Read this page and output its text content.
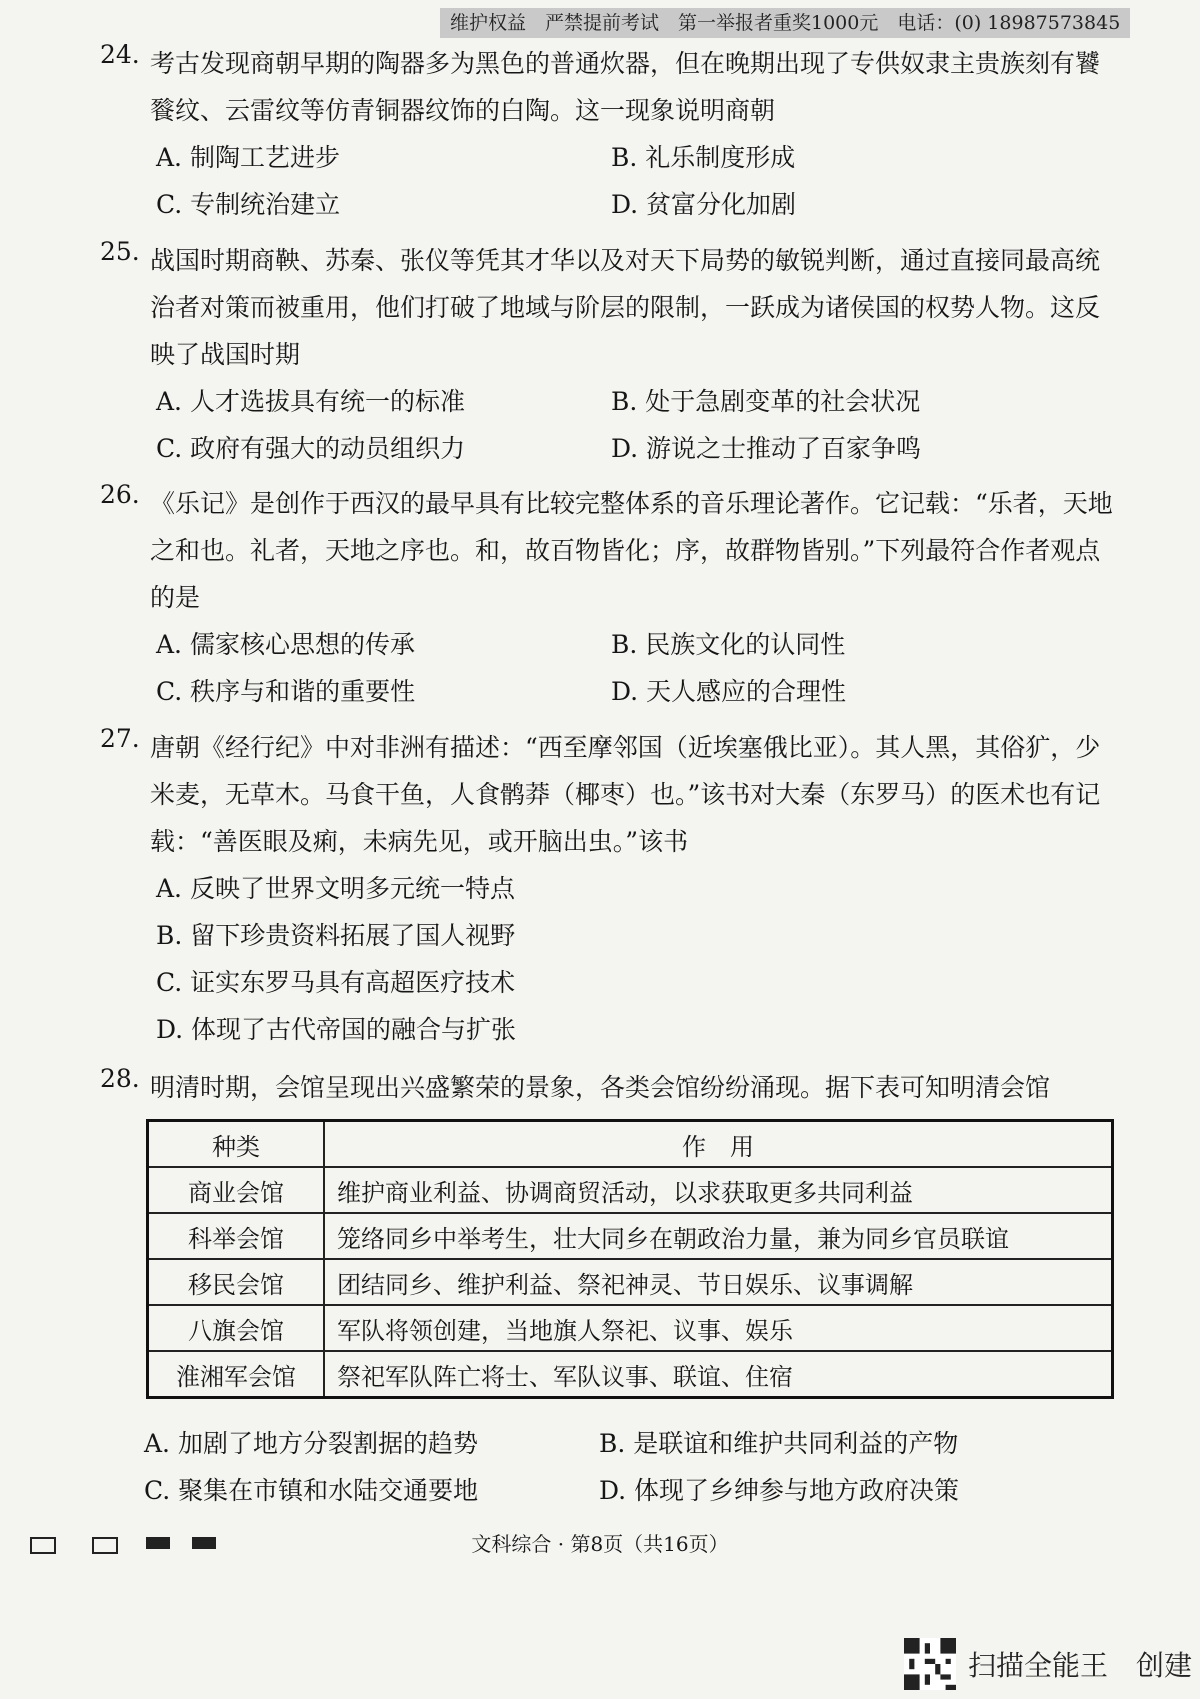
维护权益　严禁提前考试　第一举报者重奖1000元　电话：(0) 18987573845
24. 考古发现商朝早期的陶器多为黑色的普通炊器，但在晚期出现了专供奴隶主贵族刻有饕餮纹、云雷纹等仿青铜器纹饰的白陶。这一现象说明商朝
A. 制陶工艺进步	B. 礼乐制度形成
C. 专制统治建立	D. 贫富分化加剧
25. 战国时期商鞅、苏秦、张仪等凭其才华以及对天下局势的敏锐判断，通过直接同最高统治者对策而被重用，他们打破了地域与阶层的限制，一跃成为诸侯国的权势人物。这反映了战国时期
A. 人才选拔具有统一的标准	B. 处于急剧变革的社会状况
C. 政府有强大的动员组织力	D. 游说之士推动了百家争鸣
26. 《乐记》是创作于西汉的最早具有比较完整体系的音乐理论著作。它记载：“乐者，天地之和也。礼者，天地之序也。和，故百物皆化；序，故群物皆别。”下列最符合作者观点的是
A. 儒家核心思想的传承	B. 民族文化的认同性
C. 秩序与和谐的重要性	D. 天人感应的合理性
27. 唐朝《经行纪》中对非洲有描述：“西至摩邻国（近埃塞俄比亚）。其人黑，其俗犷，少米麦，无草木。马食干鱼，人食鹘莽（椰枣）也。”该书对大秦（东罗马）的医术也有记载：“善医眼及痢，未病先见，或开脑出虫。”该书
A. 反映了世界文明多元统一特点
B. 留下珍贵资料拓展了国人视野
C. 证实东罗马具有高超医疗技术
D. 体现了古代帝国的融合与扩张
28. 明清时期，会馆呈现出兴盛繁荣的景象，各类会馆纷纷涌现。据下表可知明清会馆
种类	作　用
商业会馆	维护商业利益、协调商贸活动，以求获取更多共同利益
科举会馆	笼络同乡中举考生，壮大同乡在朝政治力量，兼为同乡官员联谊
移民会馆	团结同乡、维护利益、祭祀神灵、节日娱乐、议事调解
八旗会馆	军队将领创建，当地旗人祭祀、议事、娱乐
淮湘军会馆	祭祀军队阵亡将士、军队议事、联谊、住宿
A. 加剧了地方分裂割据的趋势	B. 是联谊和维护共同利益的产物
C. 聚集在市镇和水陆交通要地	D. 体现了乡绅参与地方政府决策
文科综合 · 第8页（共16页）
扫描全能王　创建
